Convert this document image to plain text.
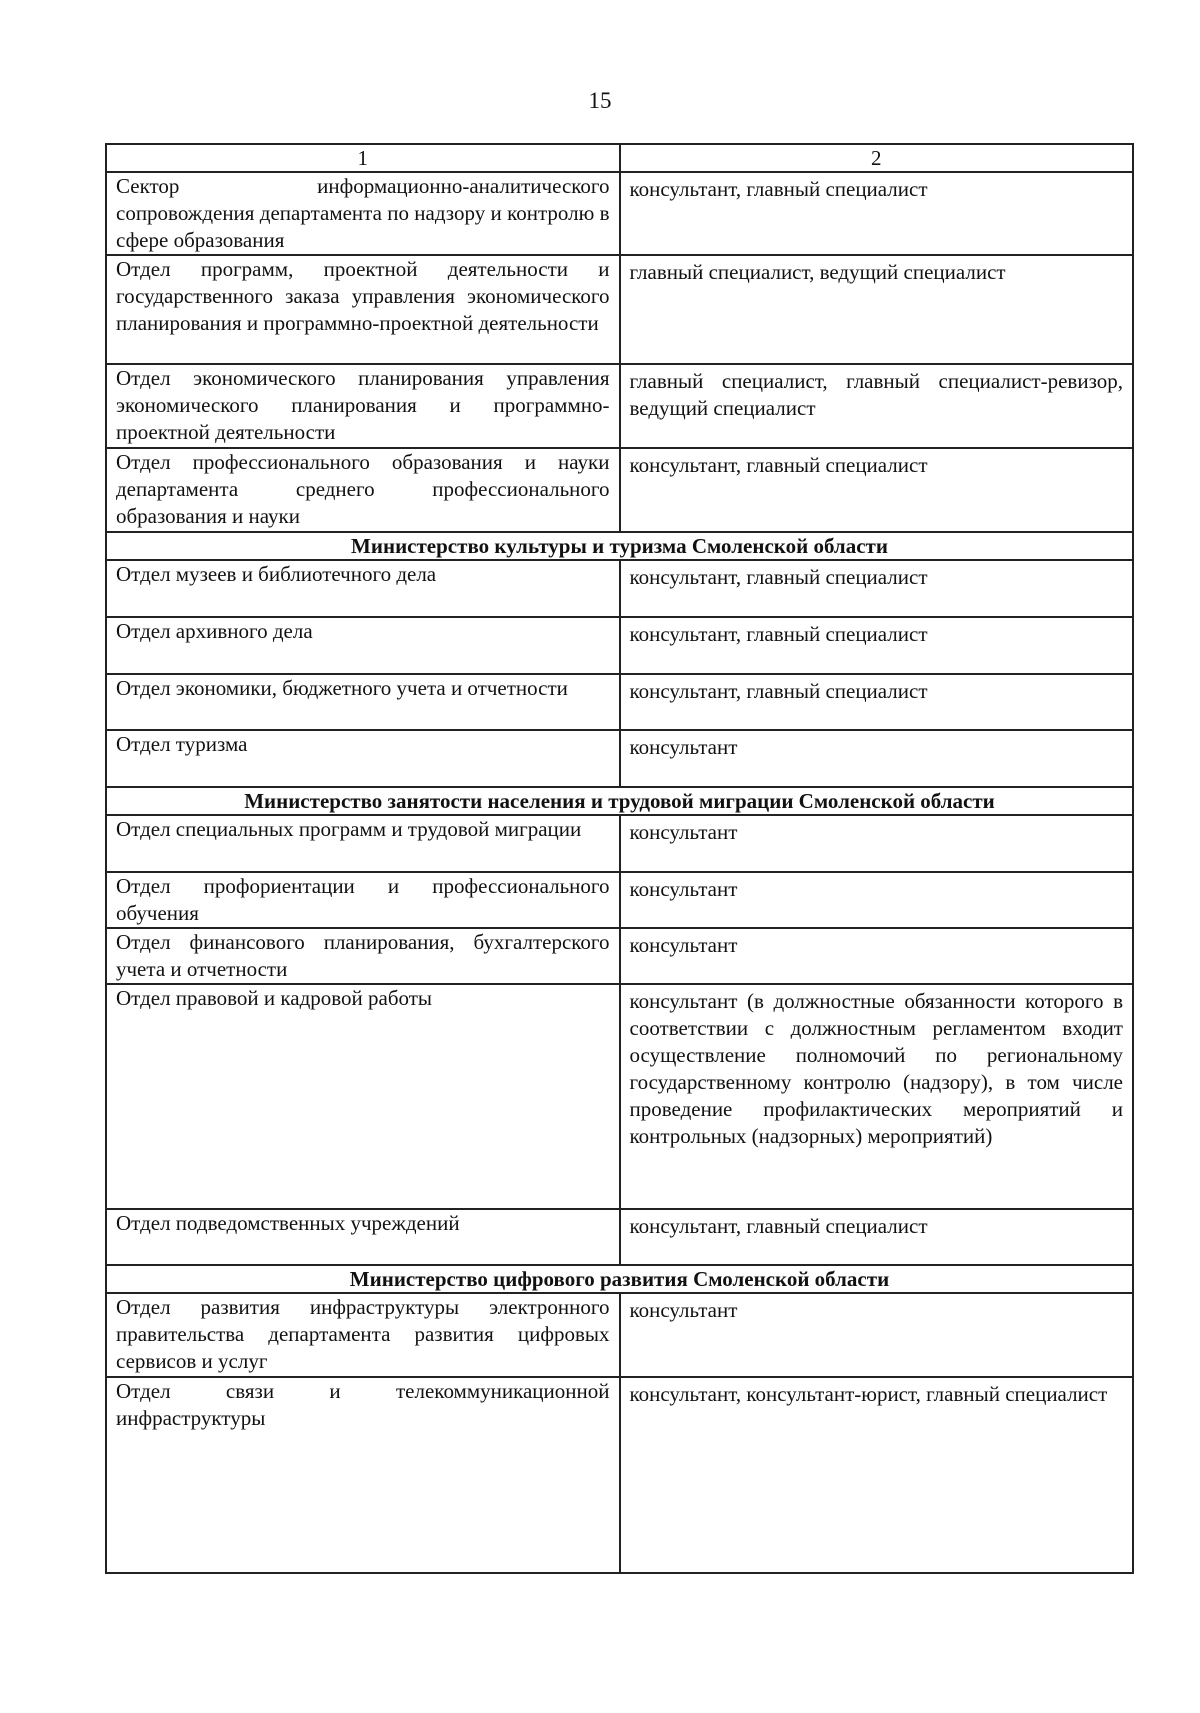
15
1	2
Сектор информационно-аналитического сопровождения департамента по надзору и контролю в сфере образования	консультант, главный специалист

Отдел программ, проектной деятельности и государственного заказа управления экономического планирования и программно-проектной деятельности	главный специалист, ведущий специалист

Отдел экономического планирования управления экономического планирования и программно-проектной деятельности	главный специалист, главный специалист-ревизор, ведущий специалист

Отдел профессионального образования и науки департамента среднего профессионального образования и науки	консультант, главный специалист

Министерство культуры и туризма Смоленской области	
Отдел музеев и библиотечного дела	консультант, главный специалист

Отдел архивного дела	консультант, главный специалист

Отдел экономики, бюджетного учета и отчетности	консультант, главный специалист

Отдел туризма	консультант

Министерство занятости населения и трудовой миграции Смоленской области	
Отдел специальных программ и трудовой миграции	консультант

Отдел профориентации и профессионального обучения	консультант

Отдел финансового планирования, бухгалтерского учета и отчетности	консультант

Отдел правовой и кадровой работы	консультант (в должностные обязанности которого в соответствии с должностным регламентом входит осуществление полномочий по региональному государственному контролю (надзору), в том числе проведение профилактических мероприятий и контрольных (надзорных) мероприятий)

Отдел подведомственных учреждений	консультант, главный специалист

Министерство цифрового развития Смоленской области	
Отдел развития инфраструктуры электронного правительства департамента развития цифровых сервисов и услуг	консультант

Отдел связи и телекоммуникационной инфраструктуры	консультант, консультант-юрист, главный специалист
